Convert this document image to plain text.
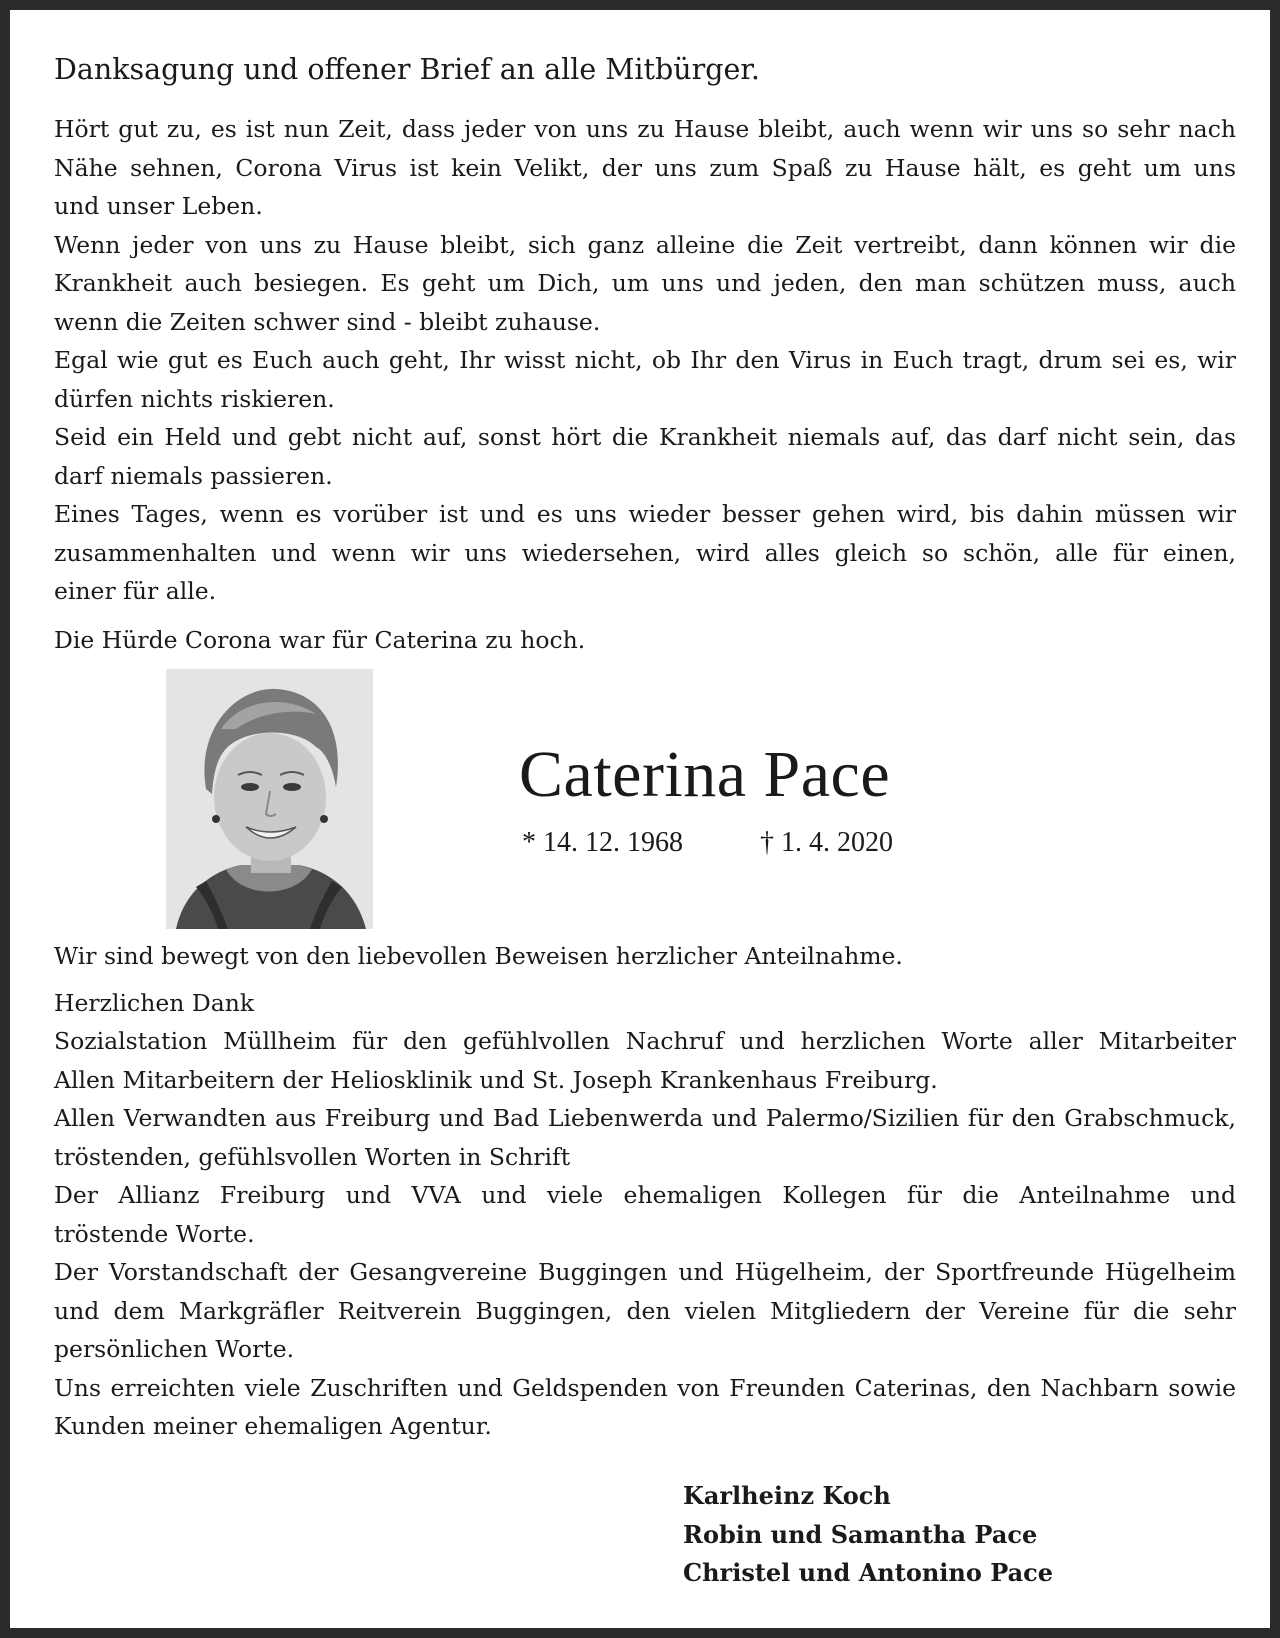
Danksagung und offener Brief an alle Mitbürger.
Hört gut zu, es ist nun Zeit, dass jeder von uns zu Hause bleibt, auch wenn wir uns so sehr nach
Nähe sehnen, Corona Virus ist kein Velikt, der uns zum Spaß zu Hause hält, es geht um uns
und unser Leben.
Wenn jeder von uns zu Hause bleibt, sich ganz alleine die Zeit vertreibt, dann können wir die
Krankheit auch besiegen. Es geht um Dich, um uns und jeden, den man schützen muss, auch
wenn die Zeiten schwer sind - bleibt zuhause.
Egal wie gut es Euch auch geht, Ihr wisst nicht, ob Ihr den Virus in Euch tragt, drum sei es, wir
dürfen nichts riskieren.
Seid ein Held und gebt nicht auf, sonst hört die Krankheit niemals auf, das darf nicht sein, das
darf niemals passieren.
Eines Tages, wenn es vorüber ist und es uns wieder besser gehen wird, bis dahin müssen wir
zusammenhalten und wenn wir uns wiedersehen, wird alles gleich so schön, alle für einen,
einer für alle.
Die Hürde Corona war für Caterina zu hoch.
Caterina Pace
* 14. 12. 1968	† 1. 4. 2020
Wir sind bewegt von den liebevollen Beweisen herzlicher Anteilnahme.
Herzlichen Dank
Sozialstation Müllheim für den gefühlvollen Nachruf und herzlichen Worte aller Mitarbeiter
Allen Mitarbeitern der Heliosklinik und St. Joseph Krankenhaus Freiburg.
Allen Verwandten aus Freiburg und Bad Liebenwerda und Palermo/Sizilien für den Grabschmuck,
tröstenden, gefühlsvollen Worten in Schrift
Der Allianz Freiburg und VVA und viele ehemaligen Kollegen für die Anteilnahme und
tröstende Worte.
Der Vorstandschaft der Gesangvereine Buggingen und Hügelheim, der Sportfreunde Hügelheim
und dem Markgräfler Reitverein Buggingen, den vielen Mitgliedern der Vereine für die sehr
persönlichen Worte.
Uns erreichten viele Zuschriften und Geldspenden von Freunden Caterinas, den Nachbarn sowie
Kunden meiner ehemaligen Agentur.
Karlheinz Koch
Robin und Samantha Pace
Christel und Antonino Pace
